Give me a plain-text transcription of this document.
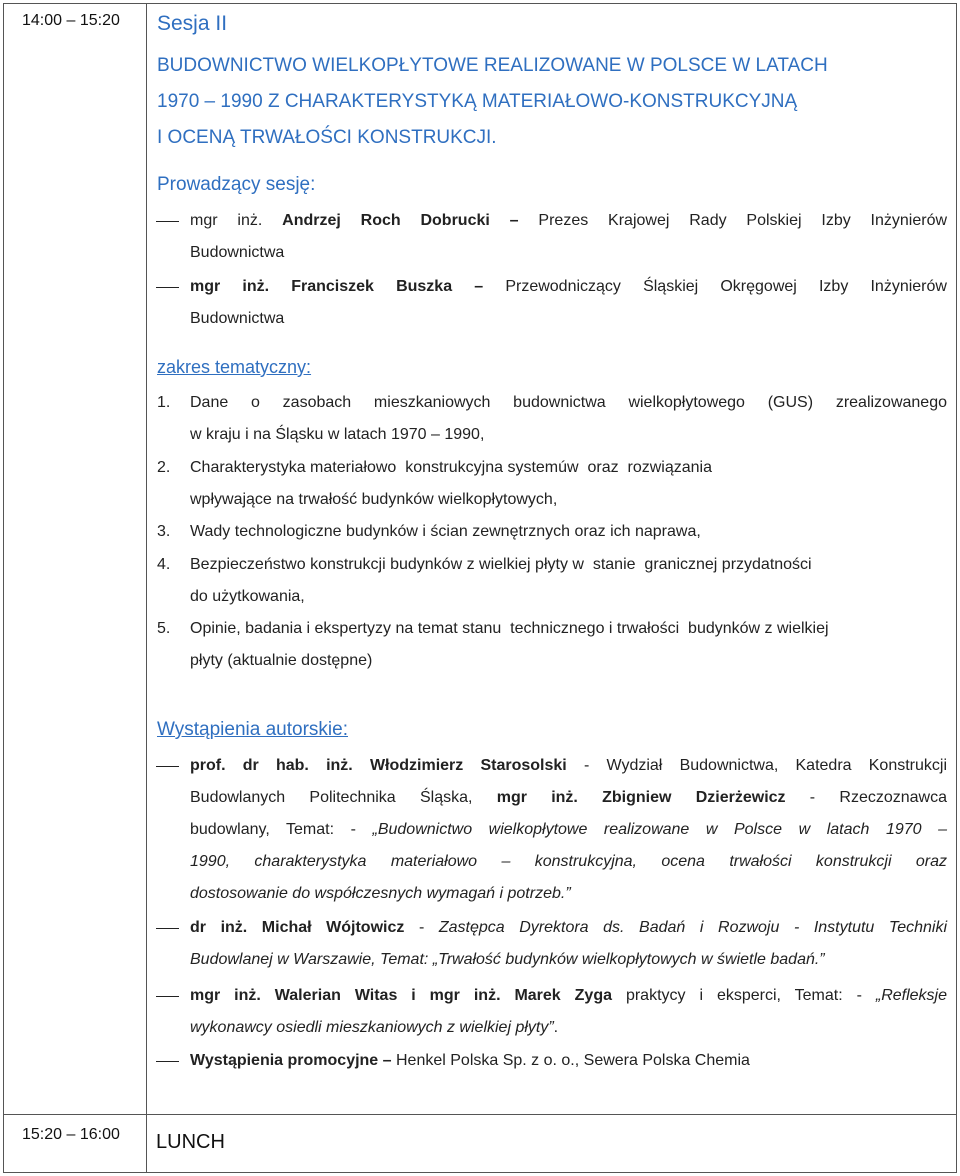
14:00 – 15:20
15:20 – 16:00 LUNCH
Sesja II
BUDOWNICTWO WIELKOPŁYTOWE REALIZOWANE W POLSCE W LATACH
1970 – 1990 Z CHARAKTERYSTYKĄ MATERIAŁOWO-KONSTRUKCYJNĄ
I OCENĄ TRWAŁOŚCI KONSTRUKCJI.
Prowadzący sesję:
mgr inż. Andrzej Roch Dobrucki – Prezes Krajowej Rady Polskiej Izby Inżynierów
Budownictwa
mgr inż. Franciszek Buszka – Przewodniczący Śląskiej Okręgowej Izby Inżynierów
Budownictwa
zakres tematyczny:
1. Dane o zasobach mieszkaniowych budownictwa wielkopłytowego (GUS) zrealizowanego
w kraju i na Śląsku w latach 1970 – 1990,
2. Charakterystyka materiałowo  konstrukcyjna systemúw  oraz  rozwiązania
wpływające na trwałość budynków wielkopłytowych,
3. Wady technologiczne budynków i ścian zewnętrznych oraz ich naprawa,
4. Bezpieczeństwo konstrukcji budynków z wielkiej płyty w  stanie  granicznej przydatności
do użytkowania,
5. Opinie, badania i ekspertyzy na temat stanu  technicznego i trwałości  budynków z wielkiej
płyty (aktualnie dostępne)
Wystąpienia autorskie:
prof. dr hab. inż. Włodzimierz Starosolski - Wydział Budownictwa, Katedra Konstrukcji
Budowlanych Politechnika Śląska, mgr inż. Zbigniew Dzierżewicz - Rzeczoznawca
budowlany, Temat: - „Budownictwo wielkopłytowe realizowane w Polsce w latach 1970 –
1990, charakterystyka materiałowo – konstrukcyjna, ocena trwałości konstrukcji oraz
dostosowanie do współczesnych wymagań i potrzeb.”
dr inż. Michał Wójtowicz - Zastępca Dyrektora ds. Badań i Rozwoju - Instytutu Techniki
Budowlanej w Warszawie, Temat: „Trwałość budynków wielkopłytowych w świetle badań.”
mgr inż. Walerian Witas i mgr inż. Marek Zyga praktycy i eksperci, Temat: - „Refleksje
wykonawcy osiedli mieszkaniowych z wielkiej płyty”.
Wystąpienia promocyjne – Henkel Polska Sp. z o. o., Sewera Polska Chemia
